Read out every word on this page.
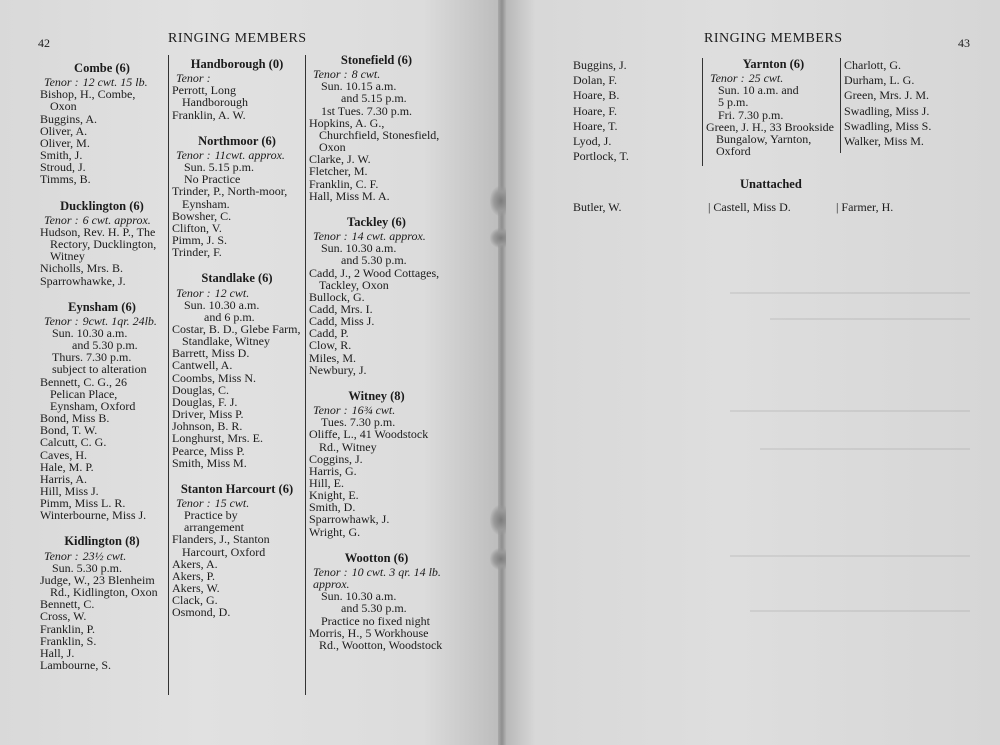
42	RINGING MEMBERS
Combe (6)
Tenor : 12 cwt. 15 lb.
Bishop, H., Combe, Oxon
Buggins, A.
Oliver, A.
Oliver, M.
Smith, J.
Stroud, J.
Timms, B.
Ducklington (6)
Tenor : 6 cwt. approx.
Hudson, Rev. H. P., The Rectory, Ducklington, Witney
Nicholls, Mrs. B.
Sparrowhawke, J.
Eynsham (6)
Tenor : 9cwt. 1qr. 24lb.
Sun. 10.30 a.m.
and 5.30 p.m.
Thurs. 7.30 p.m.
subject to alteration
Bennett, C. G., 26 Pelican Place, Eynsham, Oxford
Bond, Miss B.
Bond, T. W.
Calcutt, C. G.
Caves, H.
Hale, M. P.
Harris, A.
Hill, Miss J.
Pimm, Miss L. R.
Winterbourne, Miss J.
Kidlington (8)
Tenor : 23½ cwt.
Sun. 5.30 p.m.
Judge, W., 23 Blenheim Rd., Kidlington, Oxon
Bennett, C.
Cross, W.
Franklin, P.
Franklin, S.
Hall, J.
Lambourne, S.
Handborough (0)
Tenor :
Perrott, Long Handborough
Franklin, A. W.
Northmoor (6)
Tenor : 11cwt. approx.
Sun. 5.15 p.m.
No Practice
Trinder, P., North-moor, Eynsham.
Bowsher, C.
Clifton, V.
Pimm, J. S.
Trinder, F.
Standlake (6)
Tenor : 12 cwt.
Sun. 10.30 a.m.
and 6 p.m.
Costar, B. D., Glebe Farm, Standlake, Witney
Barrett, Miss D.
Cantwell, A.
Coombs, Miss N.
Douglas, C.
Douglas, F. J.
Driver, Miss P.
Johnson, B. R.
Longhurst, Mrs. E.
Pearce, Miss P.
Smith, Miss M.
Stanton Harcourt (6)
Tenor : 15 cwt.
Practice by
arrangement
Flanders, J., Stanton Harcourt, Oxford
Akers, A.
Akers, P.
Akers, W.
Clack, G.
Osmond, D.
Stonefield (6)
Tenor : 8 cwt.
Sun. 10.15 a.m.
and 5.15 p.m.
1st Tues. 7.30 p.m.
Hopkins, A. G., Churchfield, Stonesfield, Oxon
Clarke, J. W.
Fletcher, M.
Franklin, C. F.
Hall, Miss M. A.
Tackley (6)
Tenor : 14 cwt. approx.
Sun. 10.30 a.m.
and 5.30 p.m.
Cadd, J., 2 Wood Cottages, Tackley, Oxon
Bullock, G.
Cadd, Mrs. I.
Cadd, Miss J.
Cadd, P.
Clow, R.
Miles, M.
Newbury, J.
Witney (8)
Tenor : 16¾ cwt.
Tues. 7.30 p.m.
Oliffe, L., 41 Woodstock Rd., Witney
Coggins, J.
Harris, G.
Hill, E.
Knight, E.
Smith, D.
Sparrowhawk, J.
Wright, G.
Wootton (6)
Tenor : 10 cwt. 3 qr. 14 lb. approx.
Sun. 10.30 a.m.
and 5.30 p.m.
Practice no fixed night
Morris, H., 5 Workhouse Rd., Wootton, Woodstock
43
RINGING MEMBERS
Buggins, J.
Dolan, F.
Hoare, B.
Hoare, F.
Hoare, T.
Lyod, J.
Portlock, T.
Yarnton (6)
Tenor : 25 cwt.
Sun. 10 a.m. and
5 p.m.
Fri. 7.30 p.m.
Green, J. H., 33 Brookside Bungalow, Yarnton, Oxford
Charlott, G.
Durham, L. G.
Green, Mrs. J. M.
Swadling, Miss J.
Swadling, Miss S.
Walker, Miss M.
Unattached
Butler, W.	| Castell, Miss D.	| Farmer, H.
